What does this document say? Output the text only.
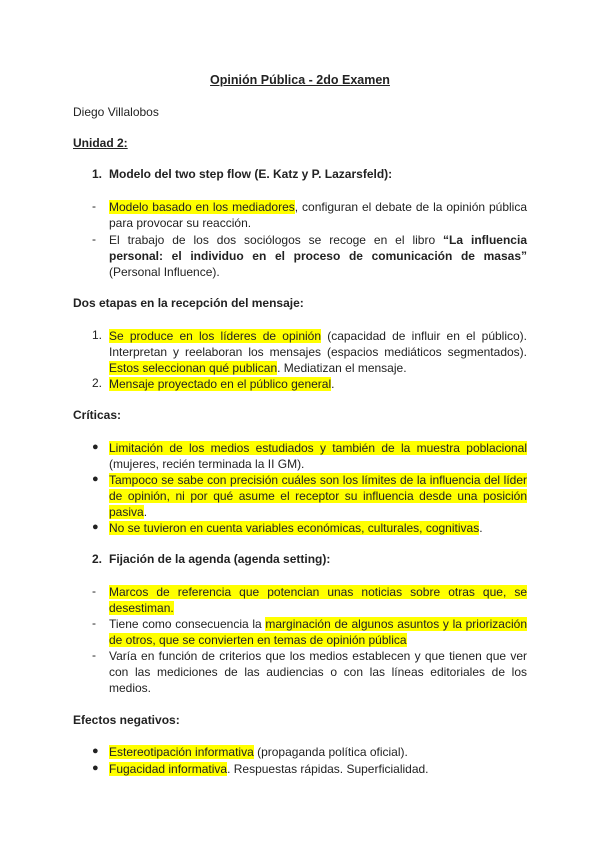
Opinión Pública - 2do Examen
Diego Villalobos
Unidad 2:
1. Modelo del two step flow (E. Katz y P. Lazarsfeld):
- Modelo basado en los mediadores, configuran el debate de la opinión pública para provocar su reacción.
- El trabajo de los dos sociólogos se recoge en el libro “La influencia personal: el individuo en el proceso de comunicación de masas” (Personal Influence).
Dos etapas en la recepción del mensaje:
1. Se produce en los líderes de opinión (capacidad de influir en el público). Interpretan y reelaboran los mensajes (espacios mediáticos segmentados). Estos seleccionan qué publican. Mediatizan el mensaje.
2. Mensaje proyectado en el público general.
Críticas:
● Limitación de los medios estudiados y también de la muestra poblacional (mujeres, recién terminada la II GM).
● Tampoco se sabe con precisión cuáles son los límites de la influencia del líder de opinión, ni por qué asume el receptor su influencia desde una posición pasiva.
● No se tuvieron en cuenta variables económicas, culturales, cognitivas.
2. Fijación de la agenda (agenda setting):
- Marcos de referencia que potencian unas noticias sobre otras que, se desestiman.
- Tiene como consecuencia la marginación de algunos asuntos y la priorización de otros, que se convierten en temas de opinión pública
- Varía en función de criterios que los medios establecen y que tienen que ver con las mediciones de las audiencias o con las líneas editoriales de los medios.
Efectos negativos:
● Estereotipación informativa (propaganda política oficial).
● Fugacidad informativa. Respuestas rápidas. Superficialidad.
